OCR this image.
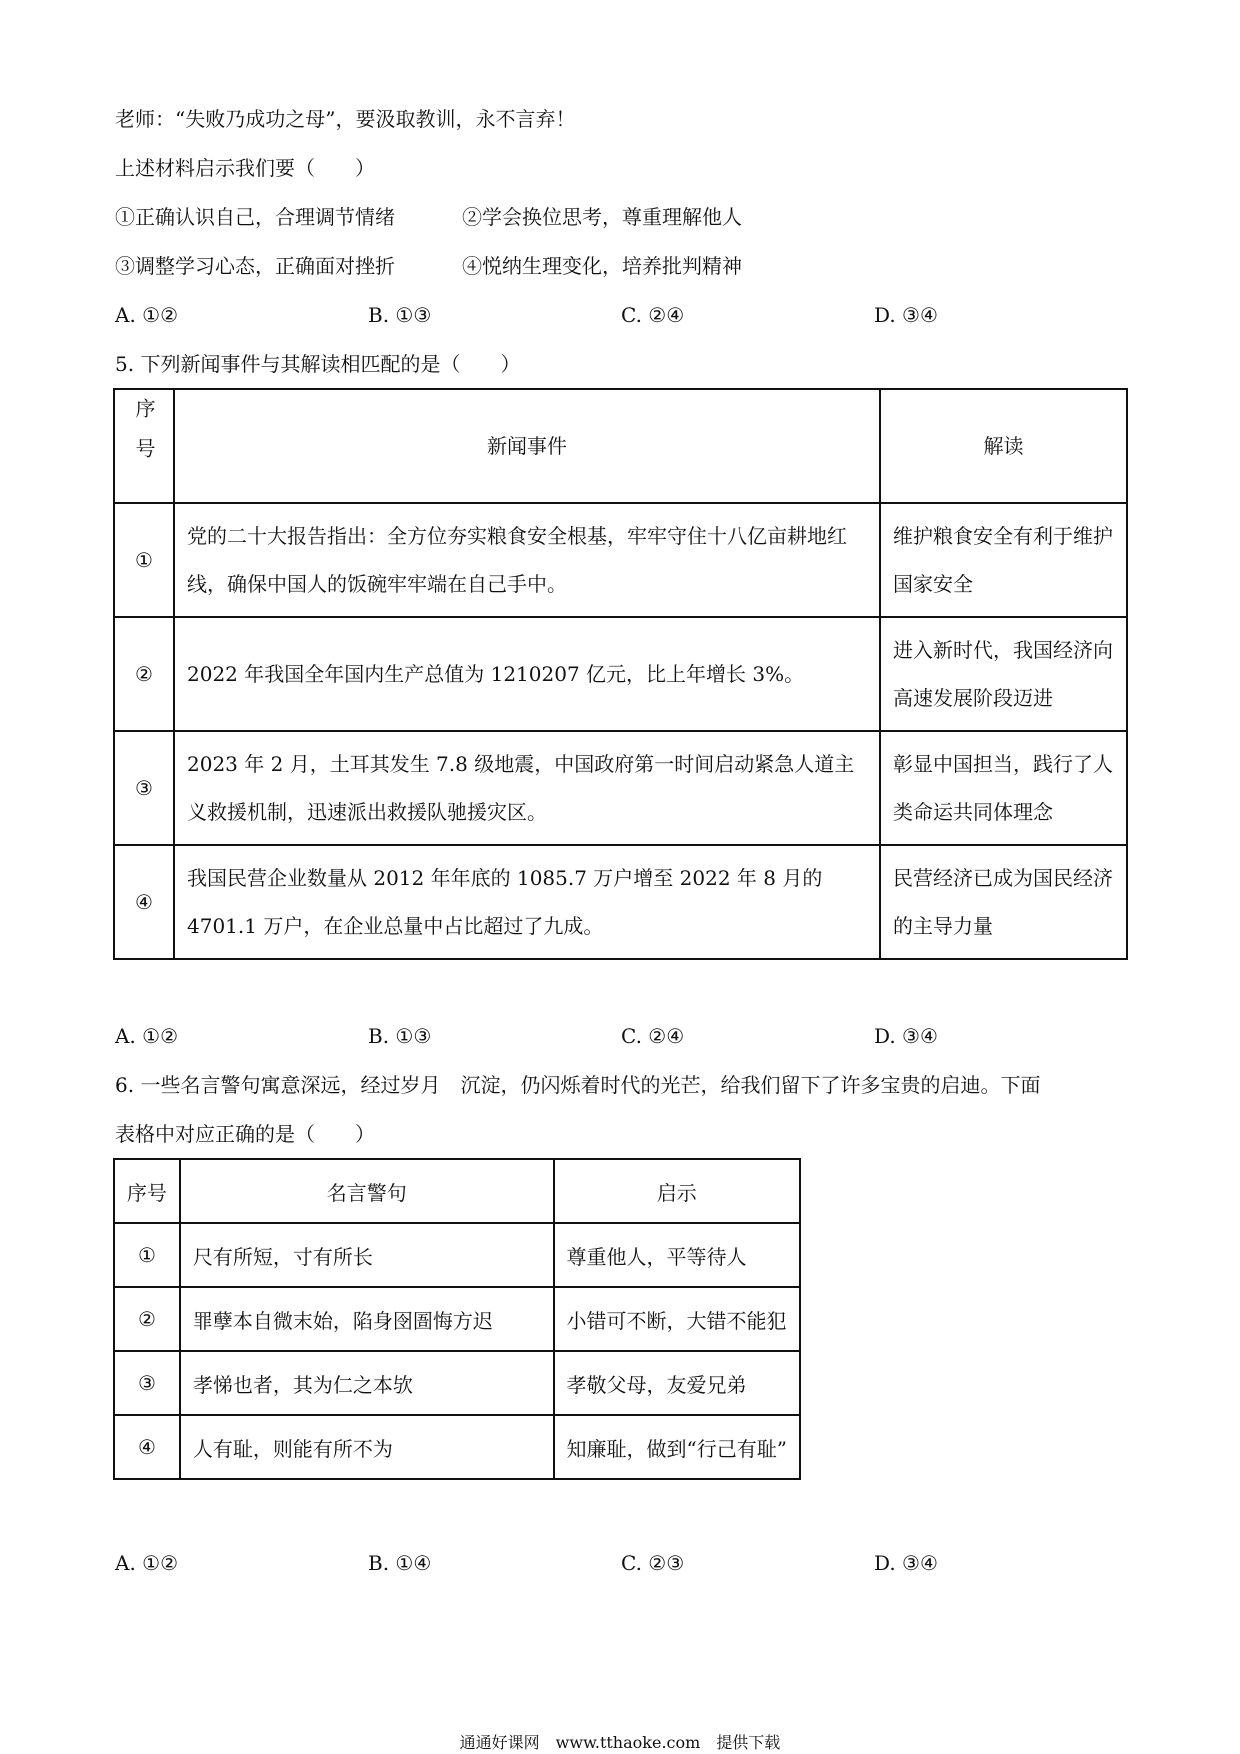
老师：“失败乃成功之母”，要汲取教训，永不言弃！
上述材料启示我们要（　　）
①正确认识自己，合理调节情绪	②学会换位思考，尊重理解他人
③调整学习心态，正确面对挫折	④悦纳生理变化，培养批判精神
A. ①②	B. ①③	C. ②④	D. ③④
5. 下列新闻事件与其解读相匹配的是（　　）
序号	新闻事件	解读
①	党的二十大报告指出：全方位夯实粮食安全根基，牢牢守住十八亿亩耕地红线，确保中国人的饭碗牢牢端在自己手中。	维护粮食安全有利于维护国家安全
②	2022 年我国全年国内生产总值为 1210207 亿元，比上年增长 3%。	进入新时代，我国经济向高速发展阶段迈进
③	2023 年 2 月，土耳其发生 7.8 级地震，中国政府第一时间启动紧急人道主义救援机制，迅速派出救援队驰援灾区。	彰显中国担当，践行了人类命运共同体理念
④	我国民营企业数量从 2012 年年底的 1085.7 万户增至 2022 年 8 月的 4701.1 万户，在企业总量中占比超过了九成。	民营经济已成为国民经济的主导力量
A. ①②	B. ①③	C. ②④	D. ③④
6. 一些名言警句寓意深远，经过岁月　沉淀，仍闪烁着时代的光芒，给我们留下了许多宝贵的启迪。下面
表格中对应正确的是（　　）
序号	名言警句	启示
①	尺有所短，寸有所长	尊重他人，平等待人
②	罪孽本自微末始，陷身囹圄悔方迟	小错可不断，大错不能犯
③	孝悌也者，其为仁之本欤	孝敬父母，友爱兄弟
④	人有耻，则能有所不为	知廉耻，做到“行己有耻”
A. ①②	B. ①④	C. ②③	D. ③④
通通好课网　www.tthaoke.com　提供下载
